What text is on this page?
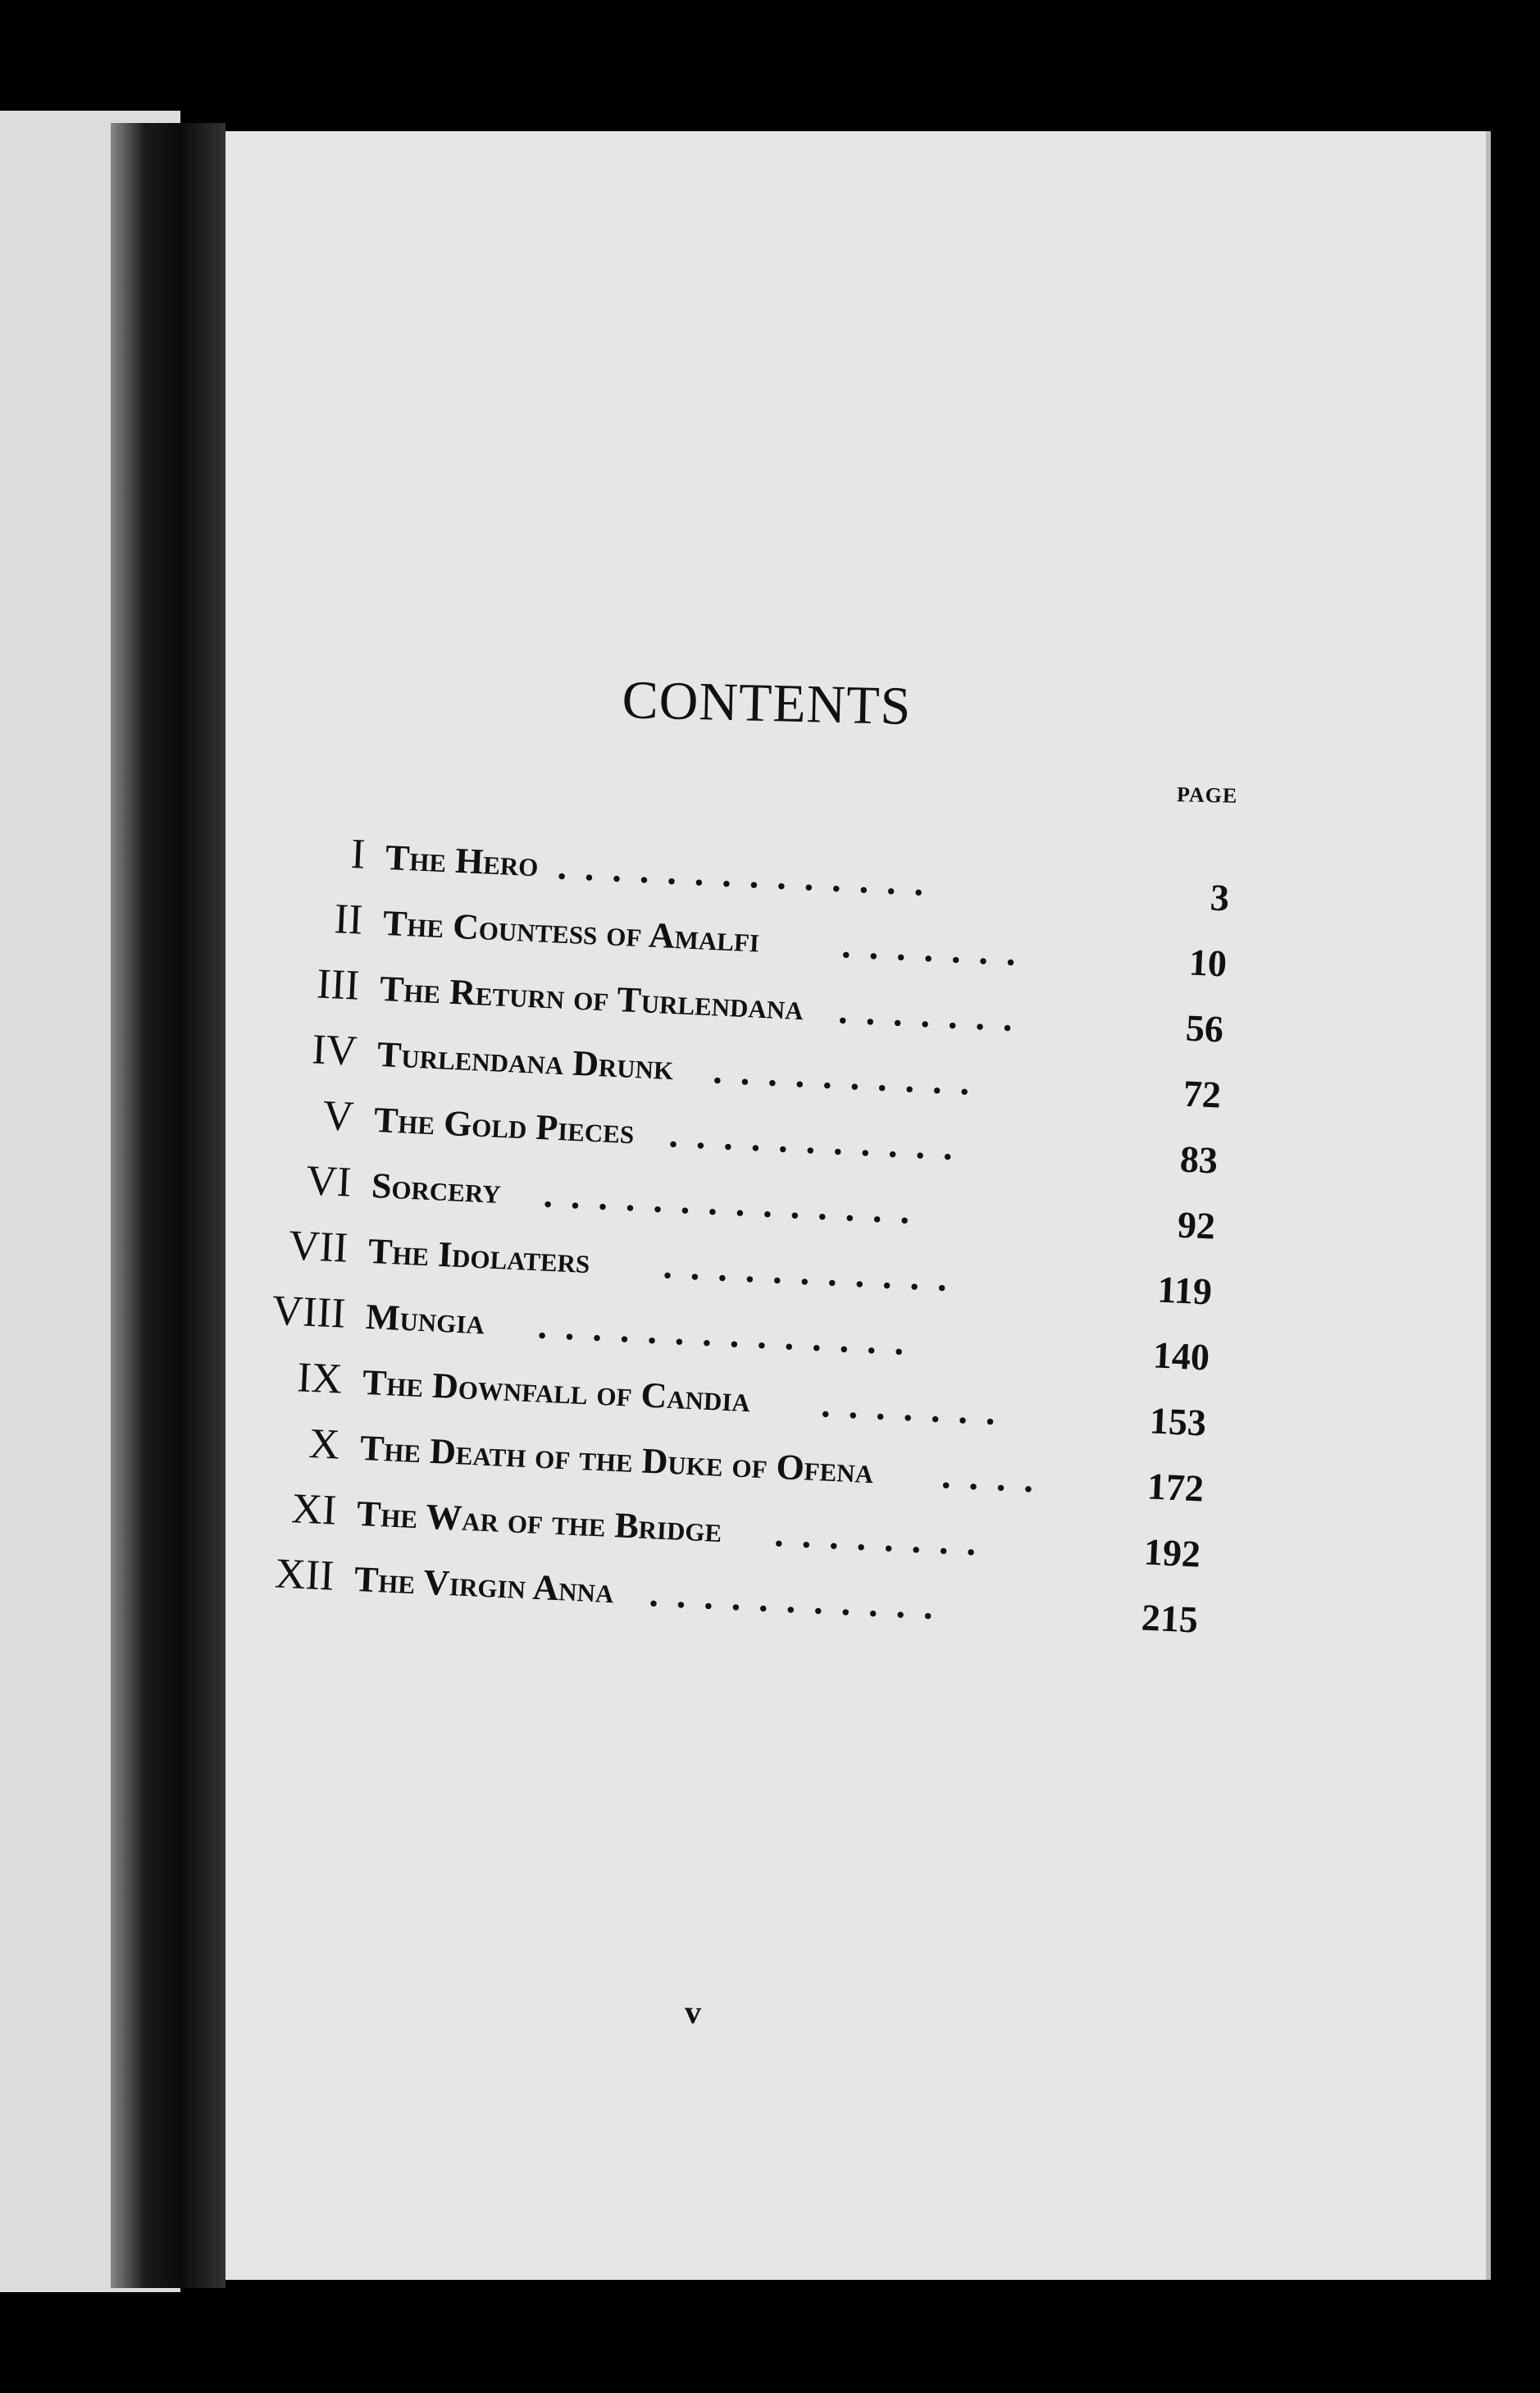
CONTENTS
PAGE
I The Hero ..............	3
II The Countess of Amalfi .......	10
III The Return of Turlendana .......	56
IV Turlendana Drunk ..........	72
V The Gold Pieces ...........	83
VI Sorcery ..............	92
VII The Idolaters ...........	119
VIII Mungia ..............	140
IX The Downfall of Candia .......	153
X The Death of the Duke of Ofena ....	172
XI The War of the Bridge ........	192
XII The Virgin Anna ...........	215
v
